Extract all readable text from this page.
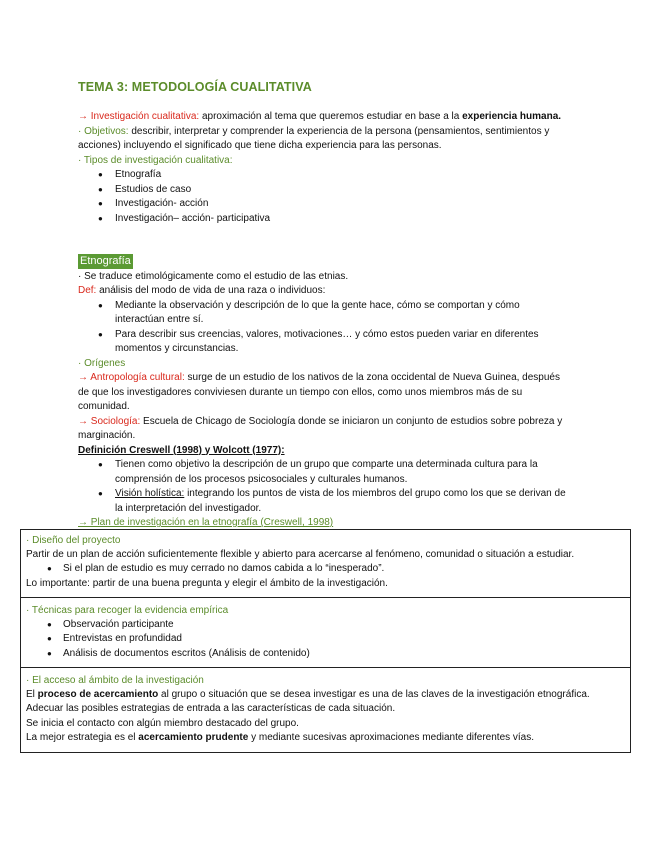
TEMA 3: METODOLOGÍA CUALITATIVA
→ Investigación cualitativa: aproximación al tema que queremos estudiar en base a la experiencia humana.
· Objetivos: describir, interpretar y comprender la experiencia de la persona (pensamientos, sentimientos y acciones) incluyendo el significado que tiene dicha experiencia para las personas.
· Tipos de investigación cualitativa:
● Etnografía
● Estudios de caso
● Investigación- acción
● Investigación– acción- participativa
Etnografía
· Se traduce etimológicamente como el estudio de las etnias.
Def: análisis del modo de vida de una raza o individuos:
● Mediante la observación y descripción de lo que la gente hace, cómo se comportan y cómo interactúan entre sí.
● Para describir sus creencias, valores, motivaciones… y cómo estos pueden variar en diferentes momentos y circunstancias.
· Orígenes
→ Antropología cultural: surge de un estudio de los nativos de la zona occidental de Nueva Guinea, después de que los investigadores conviviesen durante un tiempo con ellos, como unos miembros más de su comunidad.
→ Sociología: Escuela de Chicago de Sociología donde se iniciaron un conjunto de estudios sobre pobreza y marginación.
Definición Creswell (1998) y Wolcott (1977):
● Tienen como objetivo la descripción de un grupo que comparte una determinada cultura para la comprensión de los procesos psicosociales y culturales humanos.
● Visión holística: integrando los puntos de vista de los miembros del grupo como los que se derivan de la interpretación del investigador.
→ Plan de investigación en la etnografía (Creswell, 1998)
· Diseño del proyecto
Partir de un plan de acción suficientemente flexible y abierto para acercarse al fenómeno, comunidad o situación a estudiar.
● Si el plan de estudio es muy cerrado no damos cabida a lo “inesperado”.
Lo importante: partir de una buena pregunta y elegir el ámbito de la investigación.
· Técnicas para recoger la evidencia empírica
● Observación participante
● Entrevistas en profundidad
● Análisis de documentos escritos (Análisis de contenido)
· El acceso al ámbito de la investigación
El proceso de acercamiento al grupo o situación que se desea investigar es una de las claves de la investigación etnográfica.
Adecuar las posibles estrategias de entrada a las características de cada situación.
Se inicia el contacto con algún miembro destacado del grupo.
La mejor estrategia es el acercamiento prudente y mediante sucesivas aproximaciones mediante diferentes vías.
